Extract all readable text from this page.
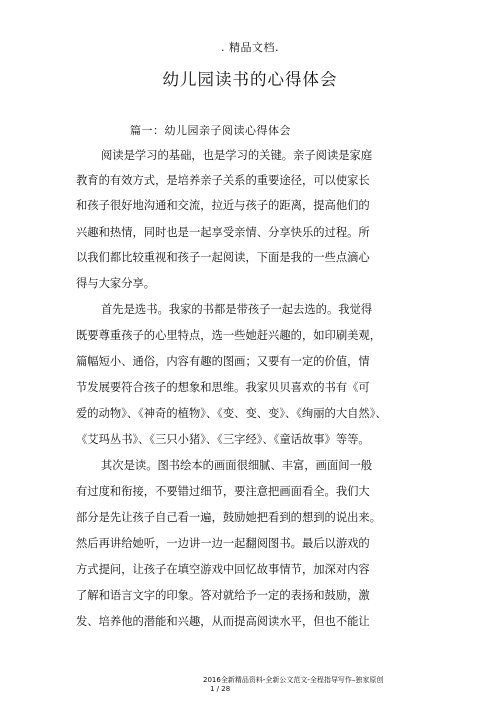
. 精品文档.
幼儿园读书的心得体会
篇一：幼儿园亲子阅读心得体会
阅读是学习的基础，也是学习的关键。亲子阅读是家庭
教育的有效方式，是培养亲子关系的重要途径，可以使家长
和孩子很好地沟通和交流，拉近与孩子的距离，提高他们的
兴趣和热情，同时也是一起享受亲情、分享快乐的过程。所
以我们都比较重视和孩子一起阅读，下面是我的一些点滴心
得与大家分享。
首先是选书。我家的书都是带孩子一起去选的。我觉得
既要尊重孩子的心里特点，选一些她赶兴趣的，如印刷美观，
篇幅短小、通俗，内容有趣的图画；又要有一定的价值，情
节发展要符合孩子的想象和思维。我家贝贝喜欢的书有《可
爱的动物》、《神奇的植物》、《变、变、变》、《绚丽的大自然》、
《艾玛丛书》、《三只小猪》、《三字经》、《童话故事》等等。
其次是读。图书绘本的画面很细腻、丰富，画面间一般
有过度和衔接，不要错过细节，要注意把画面看全。我们大
部分是先让孩子自己看一遍，鼓励她把看到的想到的说出来。
然后再讲给她听，一边讲一边一起翻阅图书。最后以游戏的
方式提问，让孩子在填空游戏中回忆故事情节，加深对内容
了解和语言文字的印象。答对就给予一定的表扬和鼓励，激
发、培养他的潜能和兴趣，从而提高阅读水平，但也不能让
2016全新精品资料-全新公文范文-全程指导写作–独家原创
1 / 28
